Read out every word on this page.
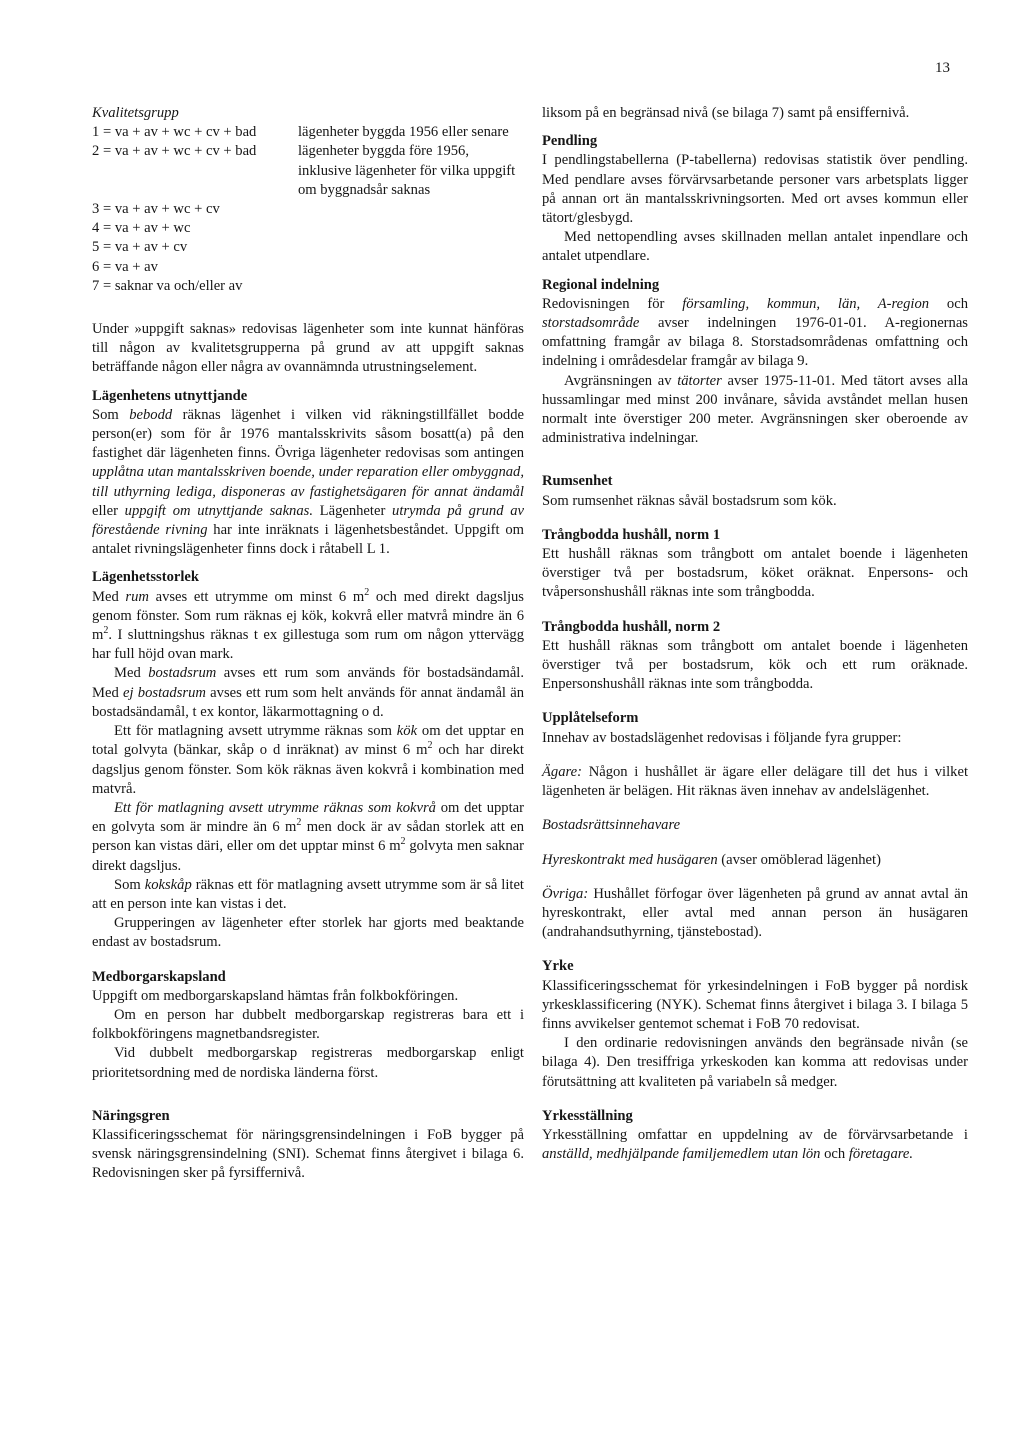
13

Kvalitetsgrupp

1 = va + av + wc + cv + bad	lägenheter byggda 1956 eller senare
2 = va + av + wc + cv + bad	lägenheter byggda före 1956, inklusive lägenheter för vilka uppgift om byggnadsår saknas
3 = va + av + wc + cv
4 = va + av + wc
5 = va + av + cv
6 = va + av
7 = saknar va och/eller av

Under »uppgift saknas» redovisas lägenheter som inte kunnat hänföras till någon av kvalitetsgrupperna på grund av att uppgift saknas beträffande någon eller några av ovannämnda utrustningselement.

Lägenhetens utnyttjande

Som bebodd räknas lägenhet i vilken vid räkningstillfället bodde person(er) som för år 1976 mantalsskrivits såsom bosatt(a) på den fastighet där lägenheten finns. Övriga lägenheter redovisas som antingen upplåtna utan mantalsskriven boende, under reparation eller ombyggnad, till uthyrning lediga, disponeras av fastighetsägaren för annat ändamål eller uppgift om utnyttjande saknas. Lägenheter utrymda på grund av förestående rivning har inte inräknats i lägenhetsbeståndet. Uppgift om antalet rivningslägenheter finns dock i råtabell L 1.

Lägenhetsstorlek

Med rum avses ett utrymme om minst 6 $m^2$ och med direkt dagsljus genom fönster. Som rum räknas ej kök, kokvrå eller matvrå mindre än 6 $m^2$. I sluttningshus räknas t ex gillestuga som rum om någon yttervägg har full höjd ovan mark.

Med bostadsrum avses ett rum som används för bostadsändamål. Med ej bostadsrum avses ett rum som helt används för annat ändamål än bostadsändamål, t ex kontor, läkarmottagning o d.

Ett för matlagning avsett utrymme räknas som kök om det upptar en total golvyta (bänkar, skåp o d inräknat) av minst 6 $m^2$ och har direkt dagsljus genom fönster. Som kök räknas även kokvrå i kombination med matvrå.

Ett för matlagning avsett utrymme räknas som kokvrå om det upptar en golvyta som är mindre än 6 $m^2$ men dock är av sådan storlek att en person kan vistas däri, eller om det upptar minst 6 $m^2$ golvyta men saknar direkt dagsljus.

Som kokskåp räknas ett för matlagning avsett utrymme som är så litet att en person inte kan vistas i det.

Grupperingen av lägenheter efter storlek har gjorts med beaktande endast av bostadsrum.

Medborgarskapsland

Uppgift om medborgarskapsland hämtas från folkbokföringen.

Om en person har dubbelt medborgarskap registreras bara ett i folkbokföringens magnetbandsregister.

Vid dubbelt medborgarskap registreras medborgarskap enligt prioritetsordning med de nordiska länderna först.

Näringsgren

Klassificeringsschemat för näringsgrensindelningen i FoB bygger på svensk näringsgrensindelning (SNI). Schemat finns återgivet i bilaga 6. Redovisningen sker på fyrsiffernivå.

liksom på en begränsad nivå (se bilaga 7) samt på ensiffernivå.

Pendling

I pendlingstabellerna (P-tabellerna) redovisas statistik över pendling. Med pendlare avses förvärvsarbetande personer vars arbetsplats ligger på annan ort än mantalsskrivningsorten. Med ort avses kommun eller tätort/glesbygd.

Med nettopendling avses skillnaden mellan antalet inpendlare och antalet utpendlare.

Regional indelning

Redovisningen för församling, kommun, län, A-region och storstadsområde avser indelningen 1976-01-01. A-regionernas omfattning framgår av bilaga 8. Storstadsområdenas omfattning och indelning i områdesdelar framgår av bilaga 9.

Avgränsningen av tätorter avser 1975-11-01. Med tätort avses alla hussamlingar med minst 200 invånare, såvida avståndet mellan husen normalt inte överstiger 200 meter. Avgränsningen sker oberoende av administrativa indelningar.

Rumsenhet

Som rumsenhet räknas såväl bostadsrum som kök.

Trångbodda hushåll, norm 1

Ett hushåll räknas som trångbott om antalet boende i lägenheten överstiger två per bostadsrum, köket oräknat. Enpersons- och tvåpersonshushåll räknas inte som trångbodda.

Trångbodda hushåll, norm 2

Ett hushåll räknas som trångbott om antalet boende i lägenheten överstiger två per bostadsrum, kök och ett rum oräknade. Enpersonshushåll räknas inte som trångbodda.

Upplåtelseform

Innehav av bostadslägenhet redovisas i följande fyra grupper:

Ägare: Någon i hushållet är ägare eller delägare till det hus i vilket lägenheten är belägen. Hit räknas även innehav av andelslägenhet.

Bostadsrättsinnehavare

Hyreskontrakt med husägaren (avser omöblerad lägenhet)

Övriga: Hushållet förfogar över lägenheten på grund av annat avtal än hyreskontrakt, eller avtal med annan person än husägaren (andrahandsuthyrning, tjänstebostad).

Yrke

Klassificeringsschemat för yrkesindelningen i FoB bygger på nordisk yrkesklassificering (NYK). Schemat finns återgivet i bilaga 3. I bilaga 5 finns avvikelser gentemot schemat i FoB 70 redovisat.

I den ordinarie redovisningen används den begränsade nivån (se bilaga 4). Den tresiffriga yrkeskoden kan komma att redovisas under förutsättning att kvaliteten på variabeln så medger.

Yrkesställning

Yrkesställning omfattar en uppdelning av de förvärvsarbetande i anställd, medhjälpande familjemedlem utan lön och företagare.
